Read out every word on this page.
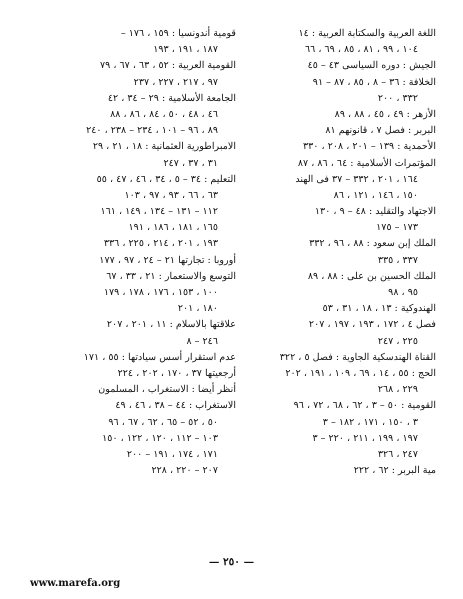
اللغة العربية والسكتابة العربية : ١٤
١٠٤ ، ٩٩ ، ٨١ ، ٨٥ ، ٦٩ ، ٦٦
الجيش : دوره السياسى ٤٣ – ٤٥
الخلافة : ٣٦ – ٨ ، ٨٥ ، ٨٧ – ٩١
٣٣٢ ، ٢٠٠
الأزهر : ٤٩ ، ٤٥ ، ٨٨ ، ٨٩
البربر : فصل ٧ ، قانونهم ٨١
الأحمدية : ١٣٩ – ٢٠١ ، ٢٠٨ ، ٣٣٠
المؤتمرات الأسلامية : ٦٤ ، ٨٦ ، ٨٧
١٦٤ ، ٢٠١ ، ٣٣٢ – ٣٧ فى الهند
١٥٠ ، ١٤٦ ، ١٢١ ، ٨٦
الاجتهاد والتقليد : ٤٨ – ٩ ، ١٣٠
١٧٣ – ١٧٥
الملك إبن سعود : ٨٨ ، ٩٦ ، ٣٣٢
٣٣٧ ، ٣٣٥
الملك الحسين بن على : ٨٨ ، ٨٩
٩٥ ، ٩٨
الهندوكية : ١٣ ، ١٨ ، ٣١ ، ٥٣
فصل ٤ ، ١٧٢ ، ١٩٣ ، ١٩٧ ، ٢٠٧
٢٢٥ ، ٢٤٧
القناة الهندسكية الجاوية : فصل ٥ ، ٣٢٢
الحج : ٥٥ ، ١٤ ، ٦٩ ، ١٠٩ ، ١٩١ ، ٢٠٢
٢٢٩ ، ٢٦٨
القومية : ٥٠ – ٣ ، ٦٢ ، ٦٨ ، ٧٢ ، ٩٦
٣ ، ١٥٠ ، ١٧١ ، ١٨٢ – ٣
١٩٧ ، ١٩٩ ، ٢١١ ، ٢٢٠ – ٣
٢٤٧ ، ٣٢٦
مية البربر : ٦٢ ، ٢٢٢
قومية أندونسيا : ١٥٩ ، ١٧٦ –
١٨٧ ، ١٩١ ، ١٩٣
القومية العربية : ٥٢ ، ٦٣ ، ٦٧ ، ٧٩
٩٧ ، ٢١٧ ، ٢٢٧ ، ٢٣٧
الجامعة الأسلامية : ٢٩ – ٣٤ ، ٤٢
٤٦ ، ٤٨ ، ٥٠ ، ٨٤ ، ٨٦ ، ٨٨
٨٩ ، ٩٦ – ١٠١ ، ٢٣٤ – ٢٣٨ ، ٢٤٠
الامبراطورية العثمانية : ١٨ ، ٢١ ، ٢٩
٣١ ، ٣٧ ، ٢٤٧
التعليم : ٣٤ – ٥ ، ٣٤ ، ٤٦ ، ٤٧ ، ٥٥
٦٣ ، ٦٦ ، ٩٣ ، ٩٧ ، ١٠٣
١١٢ – ١٣١ – ١٣٤ ، ١٤٩ ، ١٦١
١٦٥ ، ١٨١ ، ١٨٦ ، ١٩١
١٩٣ ، ٢٠١ ، ٢١٤ ، ٢٢٥ ، ٣٣٦
أوروبا : تجارتها ٢١ – ٢٤ ، ٩٧ ، ١٧٧
التوسع والاستعمار : ٢١ ، ٣٣ ، ٦٧
١٠٠ ، ١٥٣ ، ١٧٦ ، ١٧٨ ، ١٧٩
١٨٠ ، ٢٠١
علاقتها بالاسلام : ١١ ، ٢٠١ ، ٢٠٧
٢٤٦ – ٨
عدم استقرار أسس سيادتها : ٥٥ ، ١٧١
أرجعيتها ٣٧ ، ١٧٠ ، ٢٠٢ ، ٢٢٤
أنظر أيضا : الاستغراب ، المسلمون
الاستغراب : ٤٤ – ٣٨ ، ٤٦ ، ٤٩
٥٠ ، ٥٢ – ٦٥ ، ٦٢ ، ٦٧ ، ٩٦
١٠٣ – ١١٢ ، ١٢٠ ، ١٢٢ ، ١٥٠
١٧١ ، ١٧٤ ، ١٩١ – ٢٠٠
٢٠٧ – ٢٢٠ ، ٢٢٨
— ٢٥٠ —
www.marefa.org
